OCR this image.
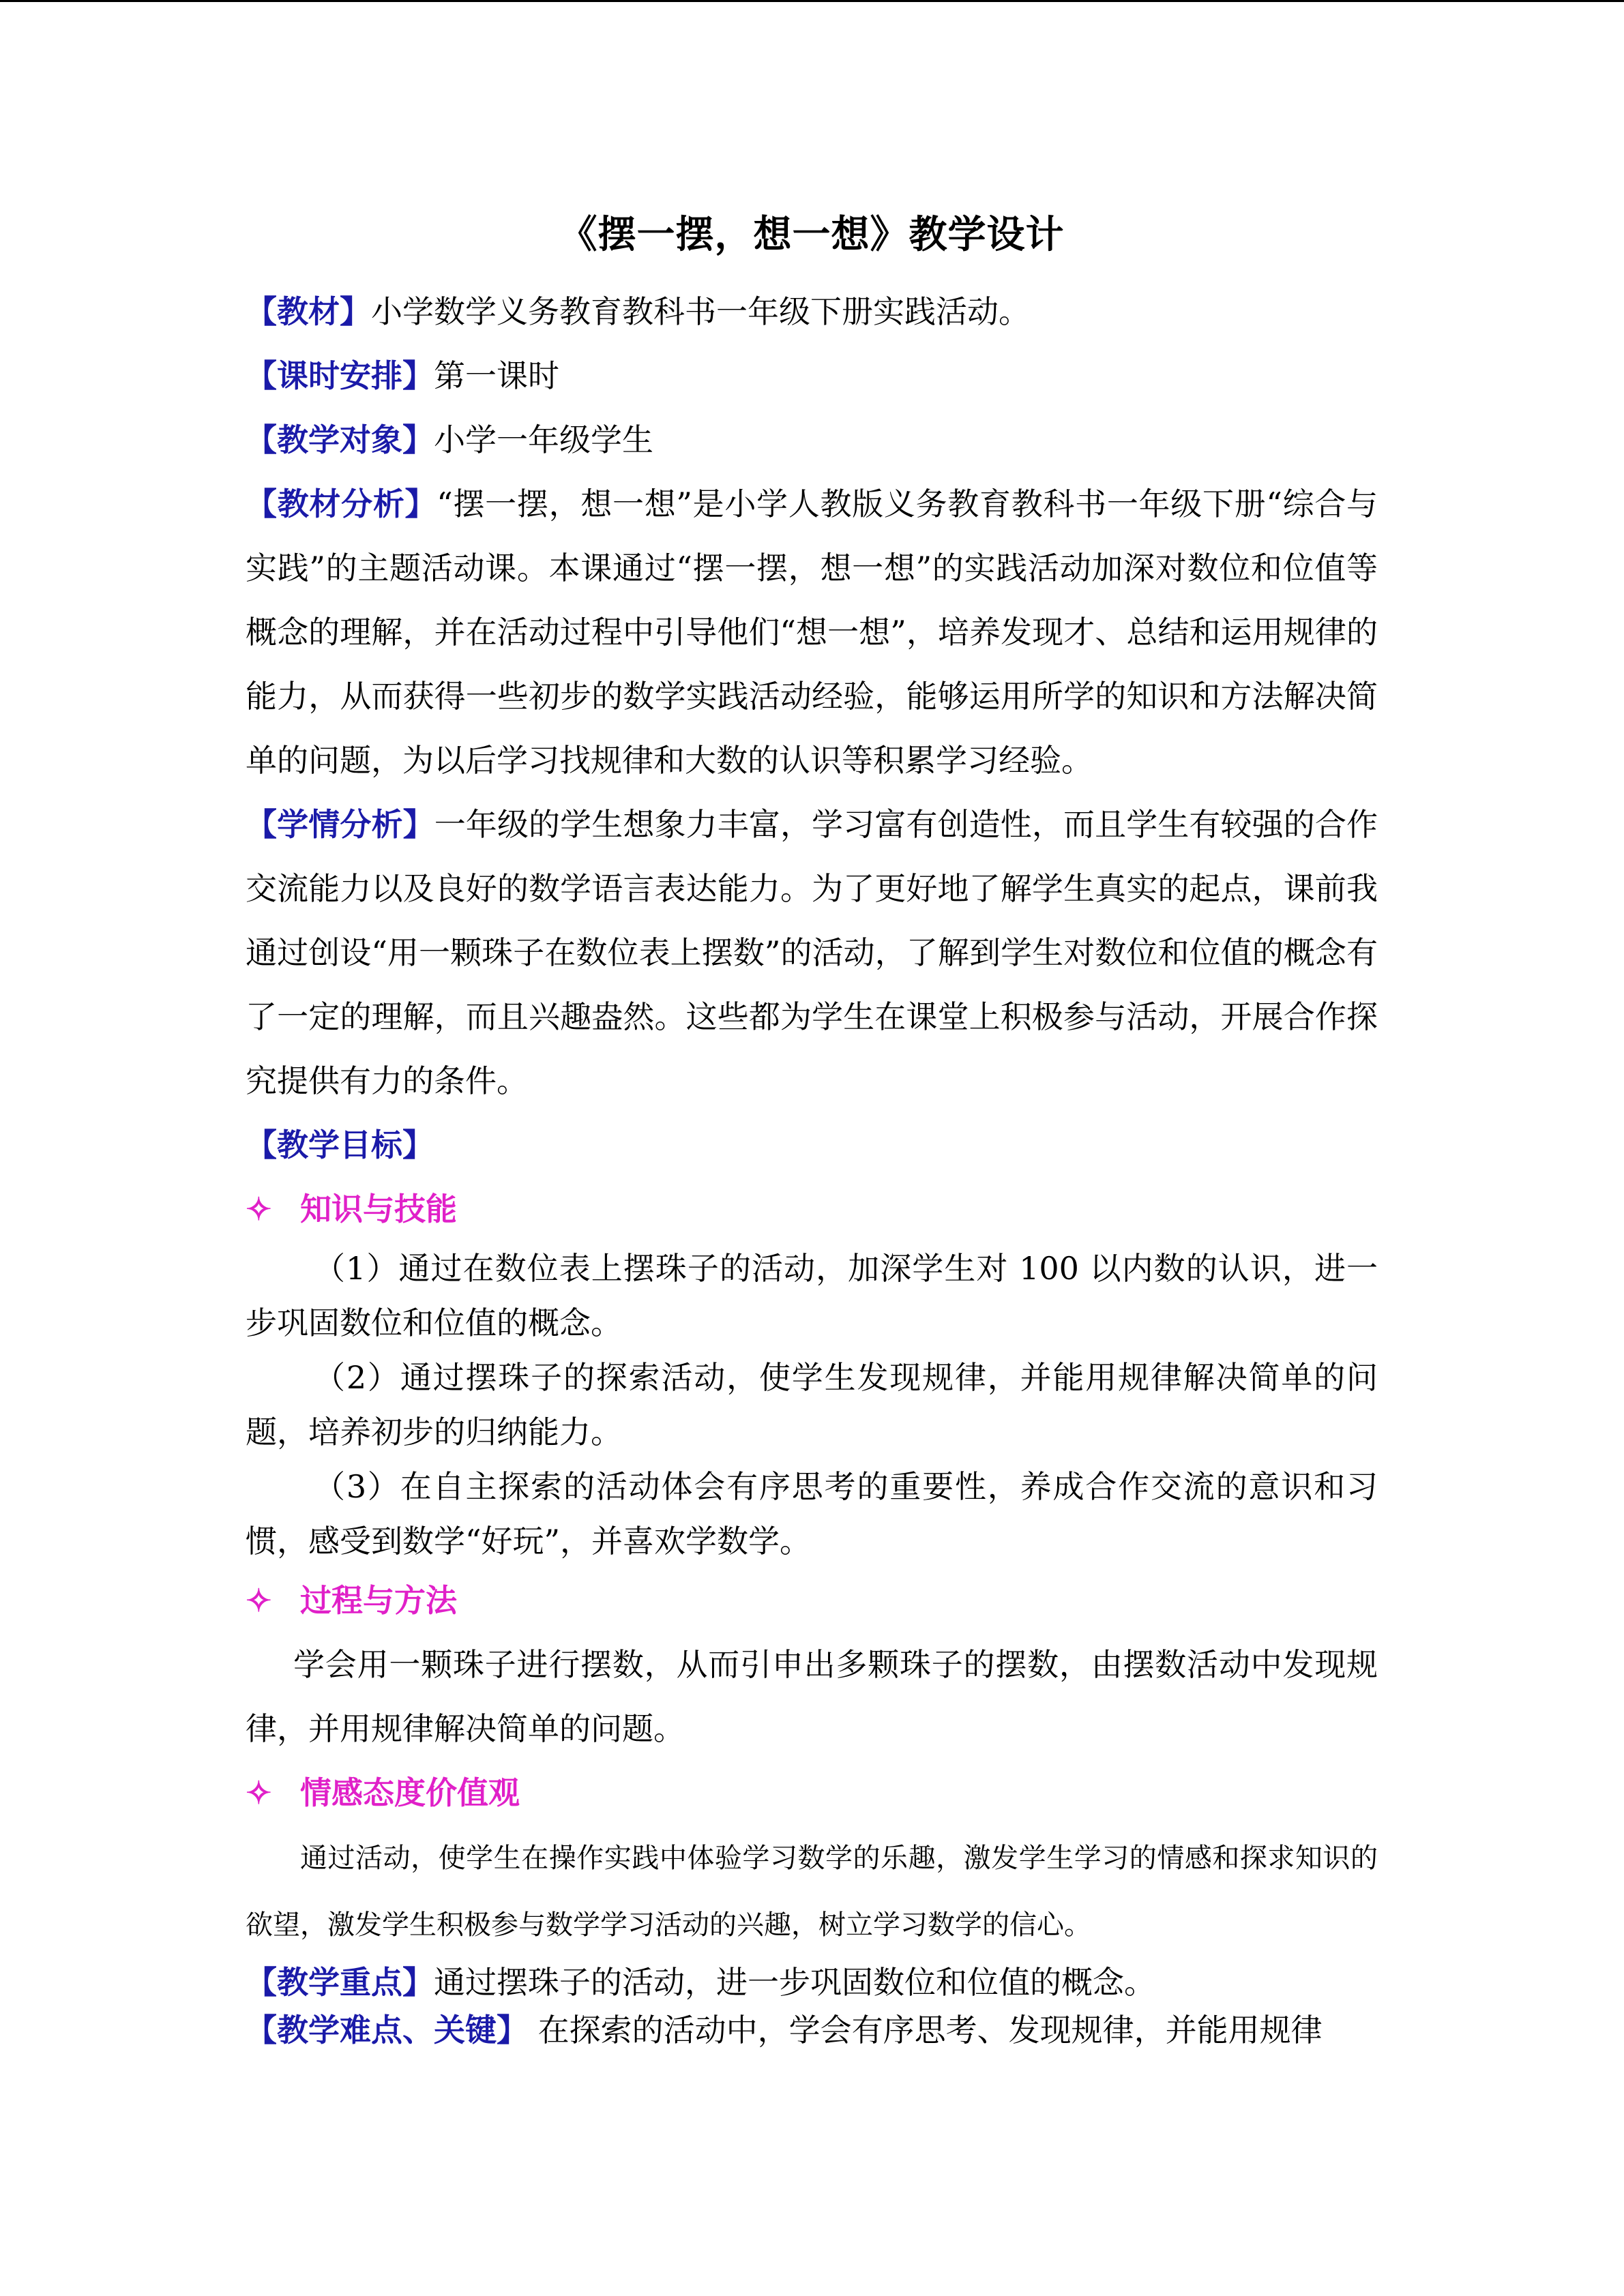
《摆一摆，想一想》教学设计

【教材】小学数学义务教育教科书一年级下册实践活动。

【课时安排】第一课时

【教学对象】小学一年级学生

【教材分析】“摆一摆，想一想”是小学人教版义务教育教科书一年级下册“综合与实践”的主题活动课。本课通过“摆一摆，想一想”的实践活动加深对数位和位值等概念的理解，并在活动过程中引导他们“想一想”，培养发现才、总结和运用规律的能力，从而获得一些初步的数学实践活动经验，能够运用所学的知识和方法解决简单的问题，为以后学习找规律和大数的认识等积累学习经验。

【学情分析】一年级的学生想象力丰富，学习富有创造性，而且学生有较强的合作交流能力以及良好的数学语言表达能力。为了更好地了解学生真实的起点，课前我通过创设“用一颗珠子在数位表上摆数”的活动，了解到学生对数位和位值的概念有了一定的理解，而且兴趣盎然。这些都为学生在课堂上积极参与活动，开展合作探究提供有力的条件。

【教学目标】

✧ 知识与技能

（1）通过在数位表上摆珠子的活动，加深学生对 100 以内数的认识，进一步巩固数位和位值的概念。

（2）通过摆珠子的探索活动，使学生发现规律，并能用规律解决简单的问题，培养初步的归纳能力。

（3）在自主探索的活动体会有序思考的重要性，养成合作交流的意识和习惯，感受到数学“好玩”，并喜欢学数学。

✧ 过程与方法

学会用一颗珠子进行摆数，从而引申出多颗珠子的摆数，由摆数活动中发现规律，并用规律解决简单的问题。

✧ 情感态度价值观

通过活动，使学生在操作实践中体验学习数学的乐趣，激发学生学习的情感和探求知识的欲望，激发学生积极参与数学学习活动的兴趣，树立学习数学的信心。

【教学重点】通过摆珠子的活动，进一步巩固数位和位值的概念。

【教学难点、关键】 在探索的活动中，学会有序思考、发现规律，并能用规律
